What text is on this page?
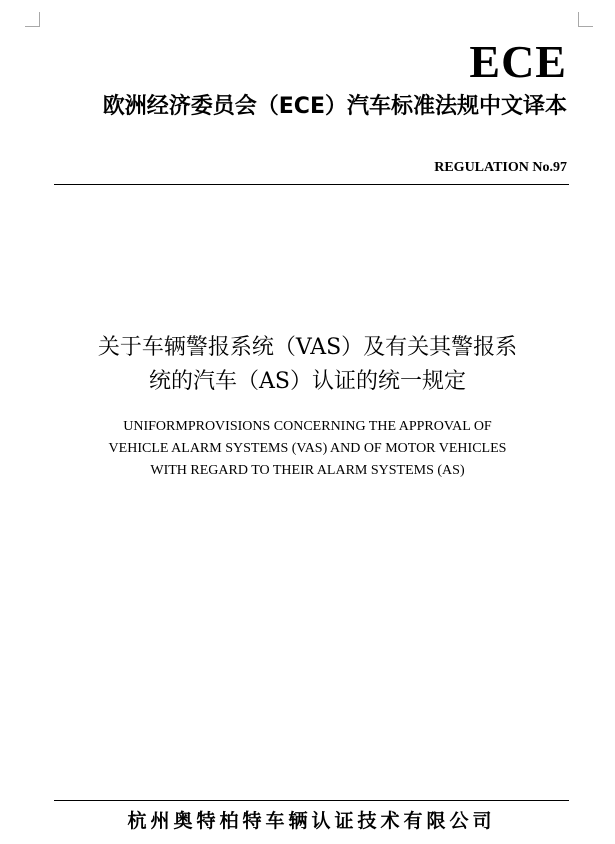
ECE
欧洲经济委员会（ECE）汽车标准法规中文译本
REGULATION No.97
关于车辆警报系统（VAS）及有关其警报系
统的汽车（AS）认证的统一规定
UNIFORMPROVISIONS CONCERNING THE APPROVAL OF
VEHICLE ALARM SYSTEMS (VAS) AND OF MOTOR VEHICLES
WITH REGARD TO THEIR ALARM SYSTEMS (AS)
杭州奥特柏特车辆认证技术有限公司
